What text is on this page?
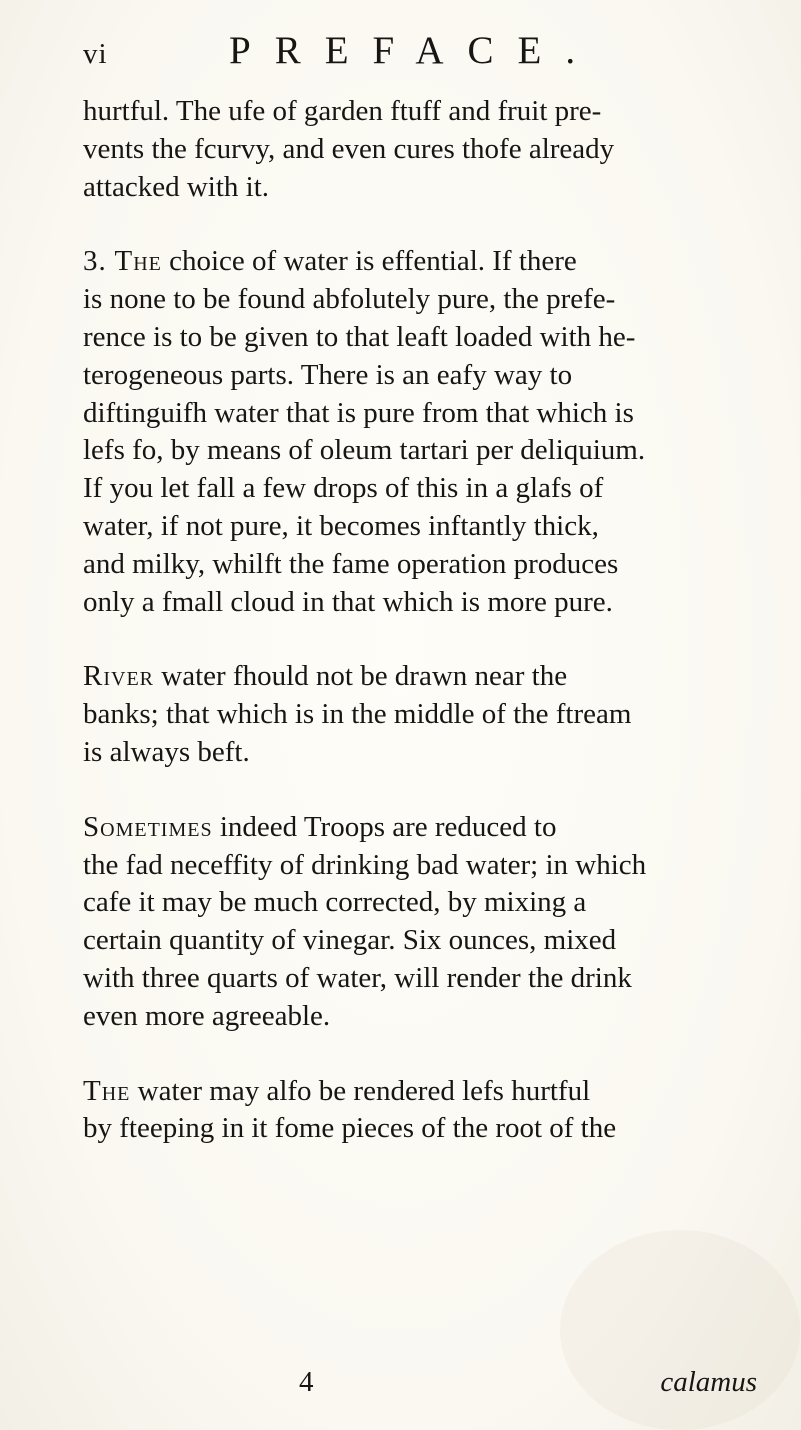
vi	PREFACE.

hurtful. The ufe of garden ftuff and fruit pre-
vents the fcurvy, and even cures thofe already
attacked with it.

3. The choice of water is effential. If there
is none to be found abfolutely pure, the prefe-
rence is to be given to that leaft loaded with he-
terogeneous parts. There is an eafy way to
diftinguifh water that is pure from that which is
lefs fo, by means of oleum tartari per deliquium.
If you let fall a few drops of this in a glafs of
water, if not pure, it becomes inftantly thick,
and milky, whilft the fame operation produces
only a fmall cloud in that which is more pure.

River water fhould not be drawn near the
banks; that which is in the middle of the ftream
is always beft.

Sometimes indeed Troops are reduced to
the fad neceffity of drinking bad water; in which
cafe it may be much corrected, by mixing a
certain quantity of vinegar. Six ounces, mixed
with three quarts of water, will render the drink
even more agreeable.

The water may alfo be rendered lefs hurtful
by fteeping in it fome pieces of the root of the

4	calamus
